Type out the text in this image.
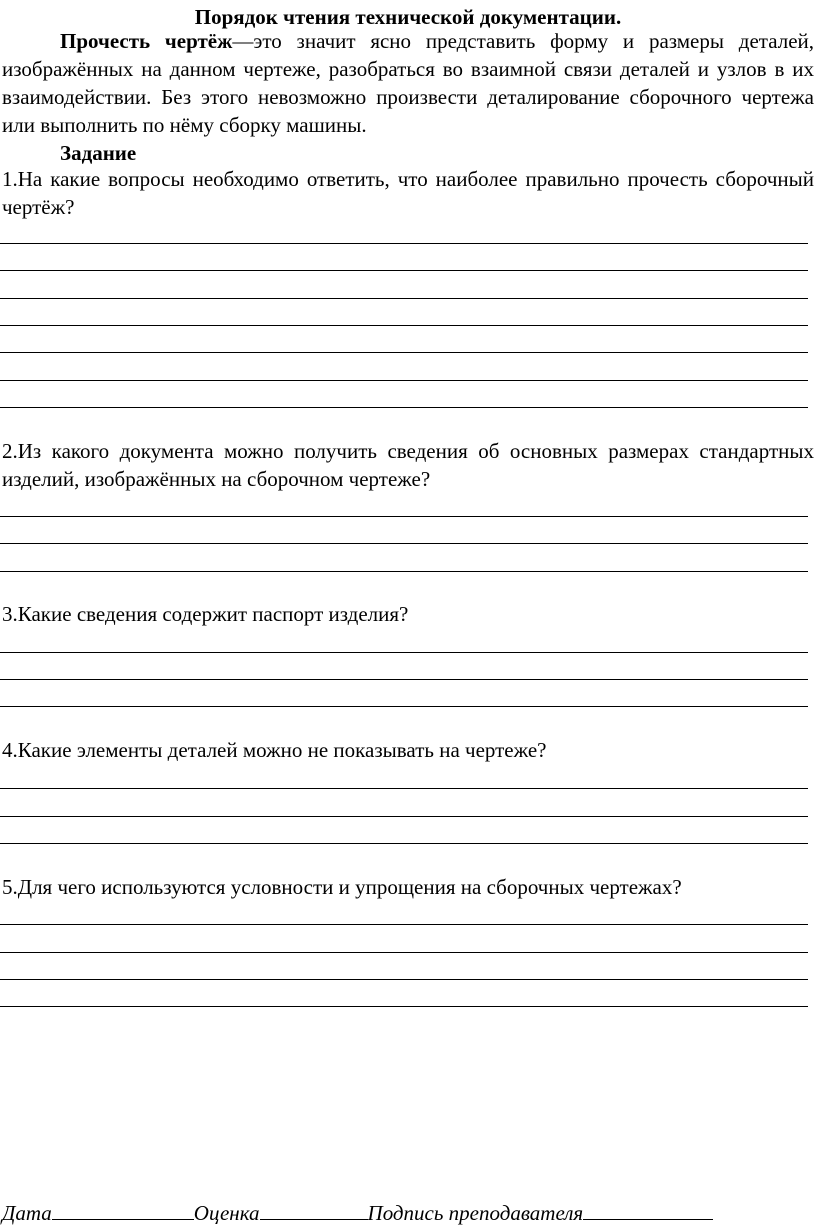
Порядок чтения технической документации.

Прочесть чертёж—это значит ясно представить форму и размеры деталей, изображённых на данном чертеже, разобраться во взаимной связи деталей и узлов в их взаимодействии. Без этого невозможно произвести деталирование сборочного чертежа или выполнить по нёму сборку машины.

Задание

1.На какие вопросы необходимо ответить, что наиболее правильно прочесть сборочный чертёж?

2.Из какого документа можно получить сведения об основных размерах стандартных изделий, изображённых на сборочном чертеже?

3.Какие сведения содержит паспорт изделия?

4.Какие элементы деталей можно не показывать на чертеже?

5.Для чего используются условности и упрощения на сборочных чертежах?

Дата	Оценка	Подпись преподавателя
